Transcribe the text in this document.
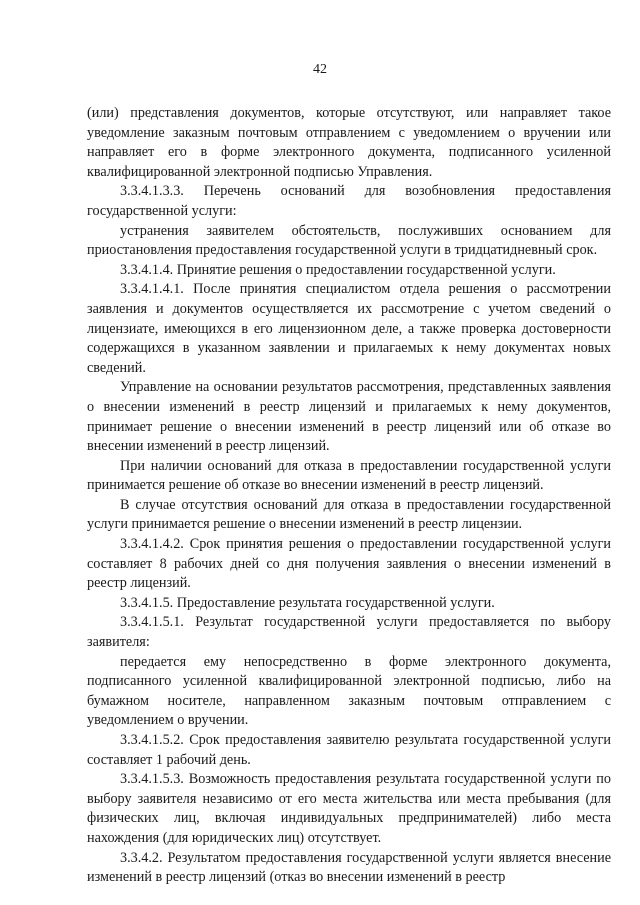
42

(или) представления документов, которые отсутствуют, или направляет такое уведомление заказным почтовым отправлением с уведомлением о вручении или направляет его в форме электронного документа, подписанного усиленной квалифицированной электронной подписью Управления.

3.3.4.1.3.3. Перечень оснований для возобновления предоставления государственной услуги:

устранения заявителем обстоятельств, послуживших основанием для приостановления предоставления государственной услуги в тридцатидневный срок.

3.3.4.1.4. Принятие решения о предоставлении государственной услуги.

3.3.4.1.4.1. После принятия специалистом отдела решения о рассмотрении заявления и документов осуществляется их рассмотрение с учетом сведений о лицензиате, имеющихся в его лицензионном деле, а также проверка достоверности содержащихся в указанном заявлении и прилагаемых к нему документах новых сведений.

Управление на основании результатов рассмотрения, представленных заявления о внесении изменений в реестр лицензий и прилагаемых к нему документов, принимает решение о внесении изменений в реестр лицензий или об отказе во внесении изменений в реестр лицензий.

При наличии оснований для отказа в предоставлении государственной услуги принимается решение об отказе во внесении изменений в реестр лицензий.

В случае отсутствия оснований для отказа в предоставлении государственной услуги принимается решение о внесении изменений в реестр лицензии.

3.3.4.1.4.2. Срок принятия решения о предоставлении государственной услуги составляет 8 рабочих дней со дня получения заявления о внесении изменений в реестр лицензий.

3.3.4.1.5. Предоставление результата государственной услуги.

3.3.4.1.5.1. Результат государственной услуги предоставляется по выбору заявителя:

передается ему непосредственно в форме электронного документа, подписанного усиленной квалифицированной электронной подписью, либо на бумажном носителе, направленном заказным почтовым отправлением с уведомлением о вручении.

3.3.4.1.5.2. Срок предоставления заявителю результата государственной услуги составляет 1 рабочий день.

3.3.4.1.5.3. Возможность предоставления результата государственной услуги по выбору заявителя независимо от его места жительства или места пребывания (для физических лиц, включая индивидуальных предпринимателей) либо места нахождения (для юридических лиц) отсутствует.

3.3.4.2. Результатом предоставления государственной услуги является внесение изменений в реестр лицензий (отказ во внесении изменений в реестр
